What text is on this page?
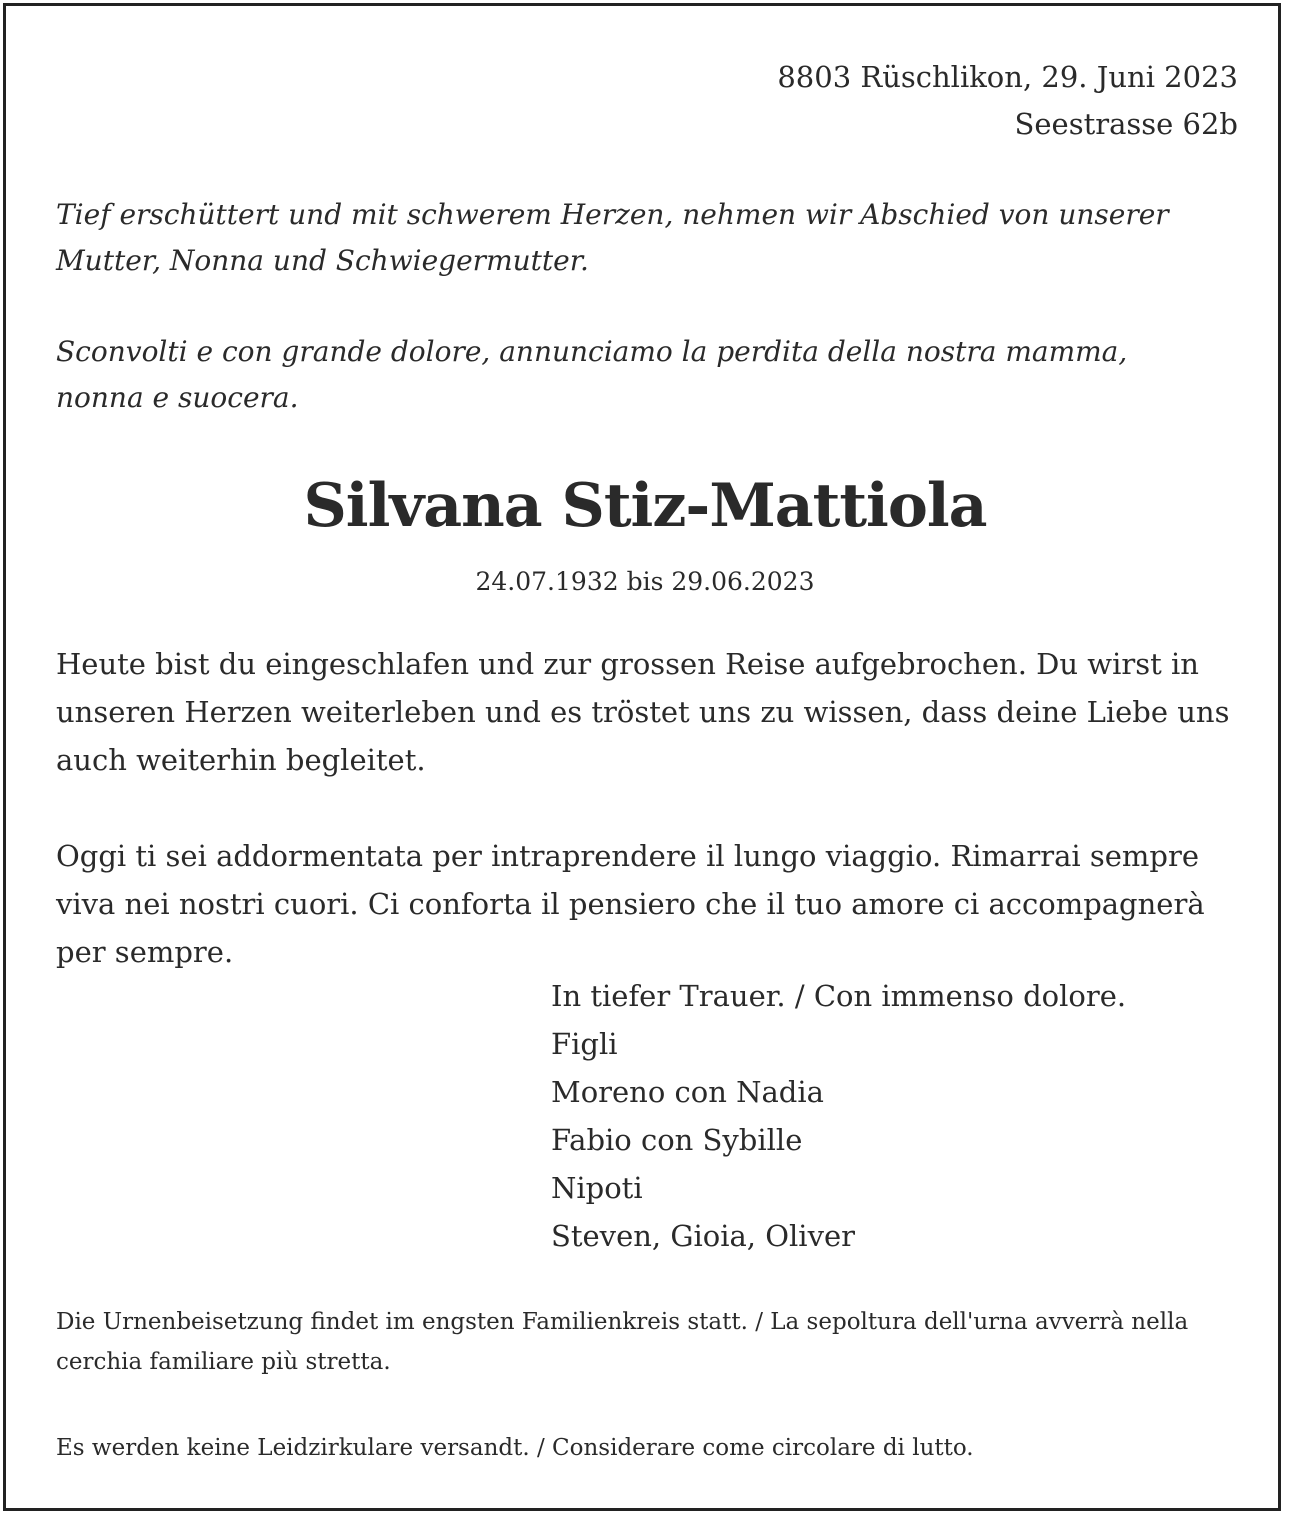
8803 Rüschlikon, 29. Juni 2023
Seestrasse 62b

Tief erschüttert und mit schwerem Herzen, nehmen wir Abschied von unserer Mutter, Nonna und Schwiegermutter.

Sconvolti e con grande dolore, annunciamo la perdita della nostra mamma, nonna e suocera.

Silvana Stiz-Mattiola
24.07.1932 bis 29.06.2023

Heute bist du eingeschlafen und zur grossen Reise aufgebrochen. Du wirst in unseren Herzen weiterleben und es tröstet uns zu wissen, dass deine Liebe uns auch weiterhin begleitet.

Oggi ti sei addormentata per intraprendere il lungo viaggio. Rimarrai sempre viva nei nostri cuori. Ci conforta il pensiero che il tuo amore ci accompagnerà per sempre.

In tiefer Trauer. / Con immenso dolore.
Figli
Moreno con Nadia
Fabio con Sybille
Nipoti
Steven, Gioia, Oliver

Die Urnenbeisetzung findet im engsten Familienkreis statt. / La sepoltura dell'urna avverrà nella cerchia familiare più stretta.

Es werden keine Leidzirkulare versandt. / Considerare come circolare di lutto.
